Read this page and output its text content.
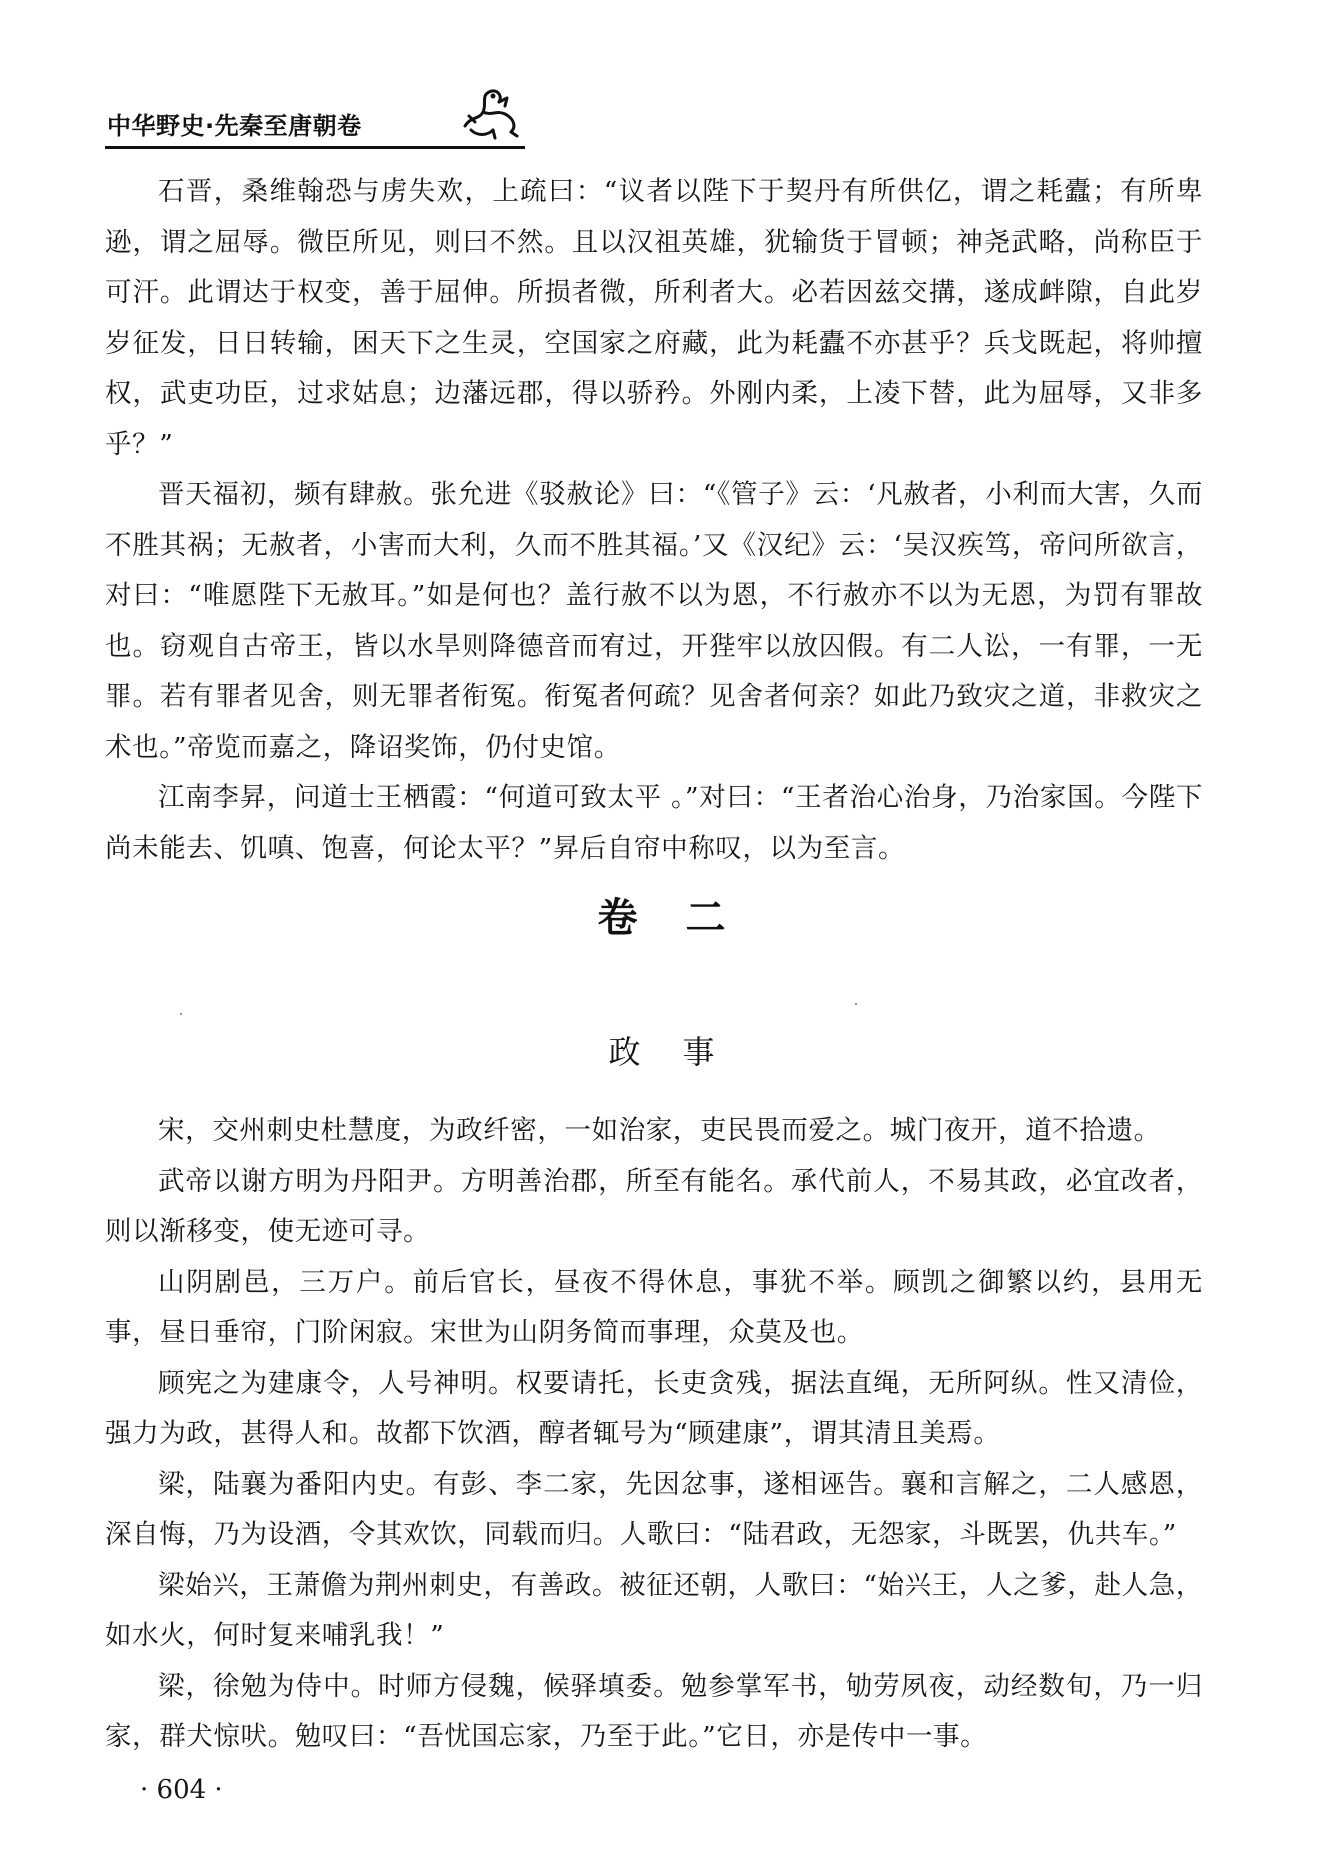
中华野史·先秦至唐朝卷

石晋，桑维翰恐与虏失欢，上疏曰：“议者以陛下于契丹有所供亿，谓之耗蠹；有所卑逊，谓之屈辱。微臣所见，则曰不然。且以汉祖英雄，犹输货于冒顿；神尧武略，尚称臣于可汗。此谓达于权变，善于屈伸。所损者微，所利者大。必若因兹交搆，遂成衅隙，自此岁岁征发，日日转输，困天下之生灵，空国家之府藏，此为耗蠹不亦甚乎？兵戈既起，将帅擅权，武吏功臣，过求姑息；边藩远郡，得以骄矜。外刚内柔，上凌下替，此为屈辱，又非多乎？”

晋天福初，频有肆赦。张允进《驳赦论》曰：“《管子》云：‘凡赦者，小利而大害，久而不胜其祸；无赦者，小害而大利，久而不胜其福。’又《汉纪》云：‘吴汉疾笃，帝问所欲言，对曰：“唯愿陛下无赦耳。”如是何也？盖行赦不以为恩，不行赦亦不以为无恩，为罚有罪故也。窃观自古帝王，皆以水旱则降德音而宥过，开狴牢以放囚假。有二人讼，一有罪，一无罪。若有罪者见舍，则无罪者衔冤。衔冤者何疏？见舍者何亲？如此乃致灾之道，非救灾之术也。”帝览而嘉之，降诏奖饰，仍付史馆。

江南李昇，问道士王栖霞：“何道可致太平 。”对曰：“王者治心治身，乃治家国。今陛下尚未能去、饥嗔、饱喜，何论太平？”昇后自帘中称叹，以为至言。

卷二
政事

宋，交州刺史杜慧度，为政纤密，一如治家，吏民畏而爱之。城门夜开，道不拾遗。

武帝以谢方明为丹阳尹。方明善治郡，所至有能名。承代前人，不易其政，必宜改者，则以渐移变，使无迹可寻。

山阴剧邑，三万户。前后官长，昼夜不得休息，事犹不举。顾凯之御繁以约，县用无事，昼日垂帘，门阶闲寂。宋世为山阴务简而事理，众莫及也。

顾宪之为建康令，人号神明。权要请托，长吏贪残，据法直绳，无所阿纵。性又清俭，强力为政，甚得人和。故都下饮酒，醇者辄号为“顾建康”，谓其清且美焉。

梁，陆襄为番阳内史。有彭、李二家，先因忿事，遂相诬告。襄和言解之，二人感恩，深自悔，乃为设酒，令其欢饮，同载而归。人歌曰：“陆君政，无怨家，斗既罢，仇共车。”

梁始兴，王萧儋为荆州刺史，有善政。被征还朝，人歌曰：“始兴王，人之爹，赴人急，如水火，何时复来哺乳我！”

梁，徐勉为侍中。时师方侵魏，候驿填委。勉参掌军书，劬劳夙夜，动经数旬，乃一归家，群犬惊吠。勉叹曰：“吾忧国忘家，乃至于此。”它日，亦是传中一事。

· 604 ·
